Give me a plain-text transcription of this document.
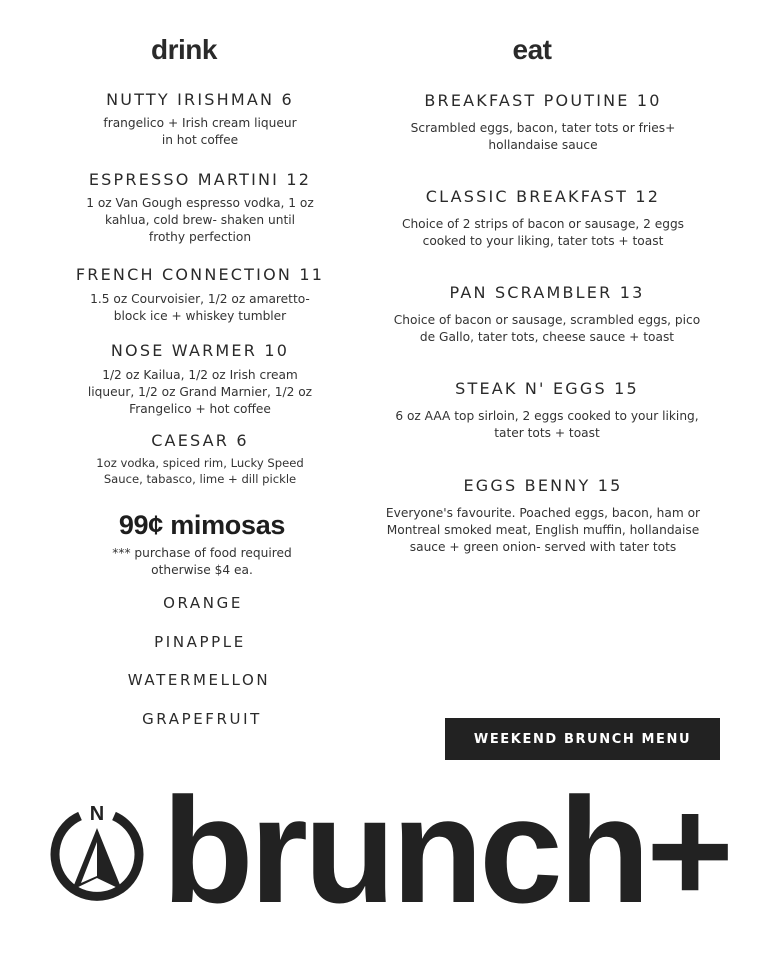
drink	eat

NUTTY IRISHMAN 6

frangelico + Irish cream liqueur
in hot coffee

ESPRESSO MARTINI 12

1 oz Van Gough espresso vodka, 1 oz
kahlua, cold brew- shaken until
frothy perfection

FRENCH CONNECTION 11

1.5 oz Courvoisier, 1/2 oz amaretto-
block ice + whiskey tumbler

NOSE WARMER 10

1/2 oz Kailua, 1/2 oz Irish cream
liqueur, 1/2 oz Grand Marnier, 1/2 oz
Frangelico + hot coffee

CAESAR 6

1oz vodka, spiced rim, Lucky Speed
Sauce, tabasco, lime + dill pickle

99¢ mimosas

*** purchase of food required
otherwise $4 ea.

ORANGE
PINAPPLE
WATERMELLON
GRAPEFRUIT

BREAKFAST POUTINE 10

Scrambled eggs, bacon, tater tots or fries+
hollandaise sauce

CLASSIC BREAKFAST 12

Choice of 2 strips of bacon or sausage, 2 eggs
cooked to your liking, tater tots + toast

PAN SCRAMBLER 13

Choice of bacon or sausage, scrambled eggs, pico
de Gallo, tater tots, cheese sauce + toast

STEAK N' EGGS 15

6 oz AAA top sirloin, 2 eggs cooked to your liking,
tater tots + toast

EGGS BENNY 15

Everyone's favourite. Poached eggs, bacon, ham or
Montreal smoked meat, English muffin, hollandaise
sauce + green onion- served with tater tots

WEEKEND BRUNCH MENU
N brunch+
